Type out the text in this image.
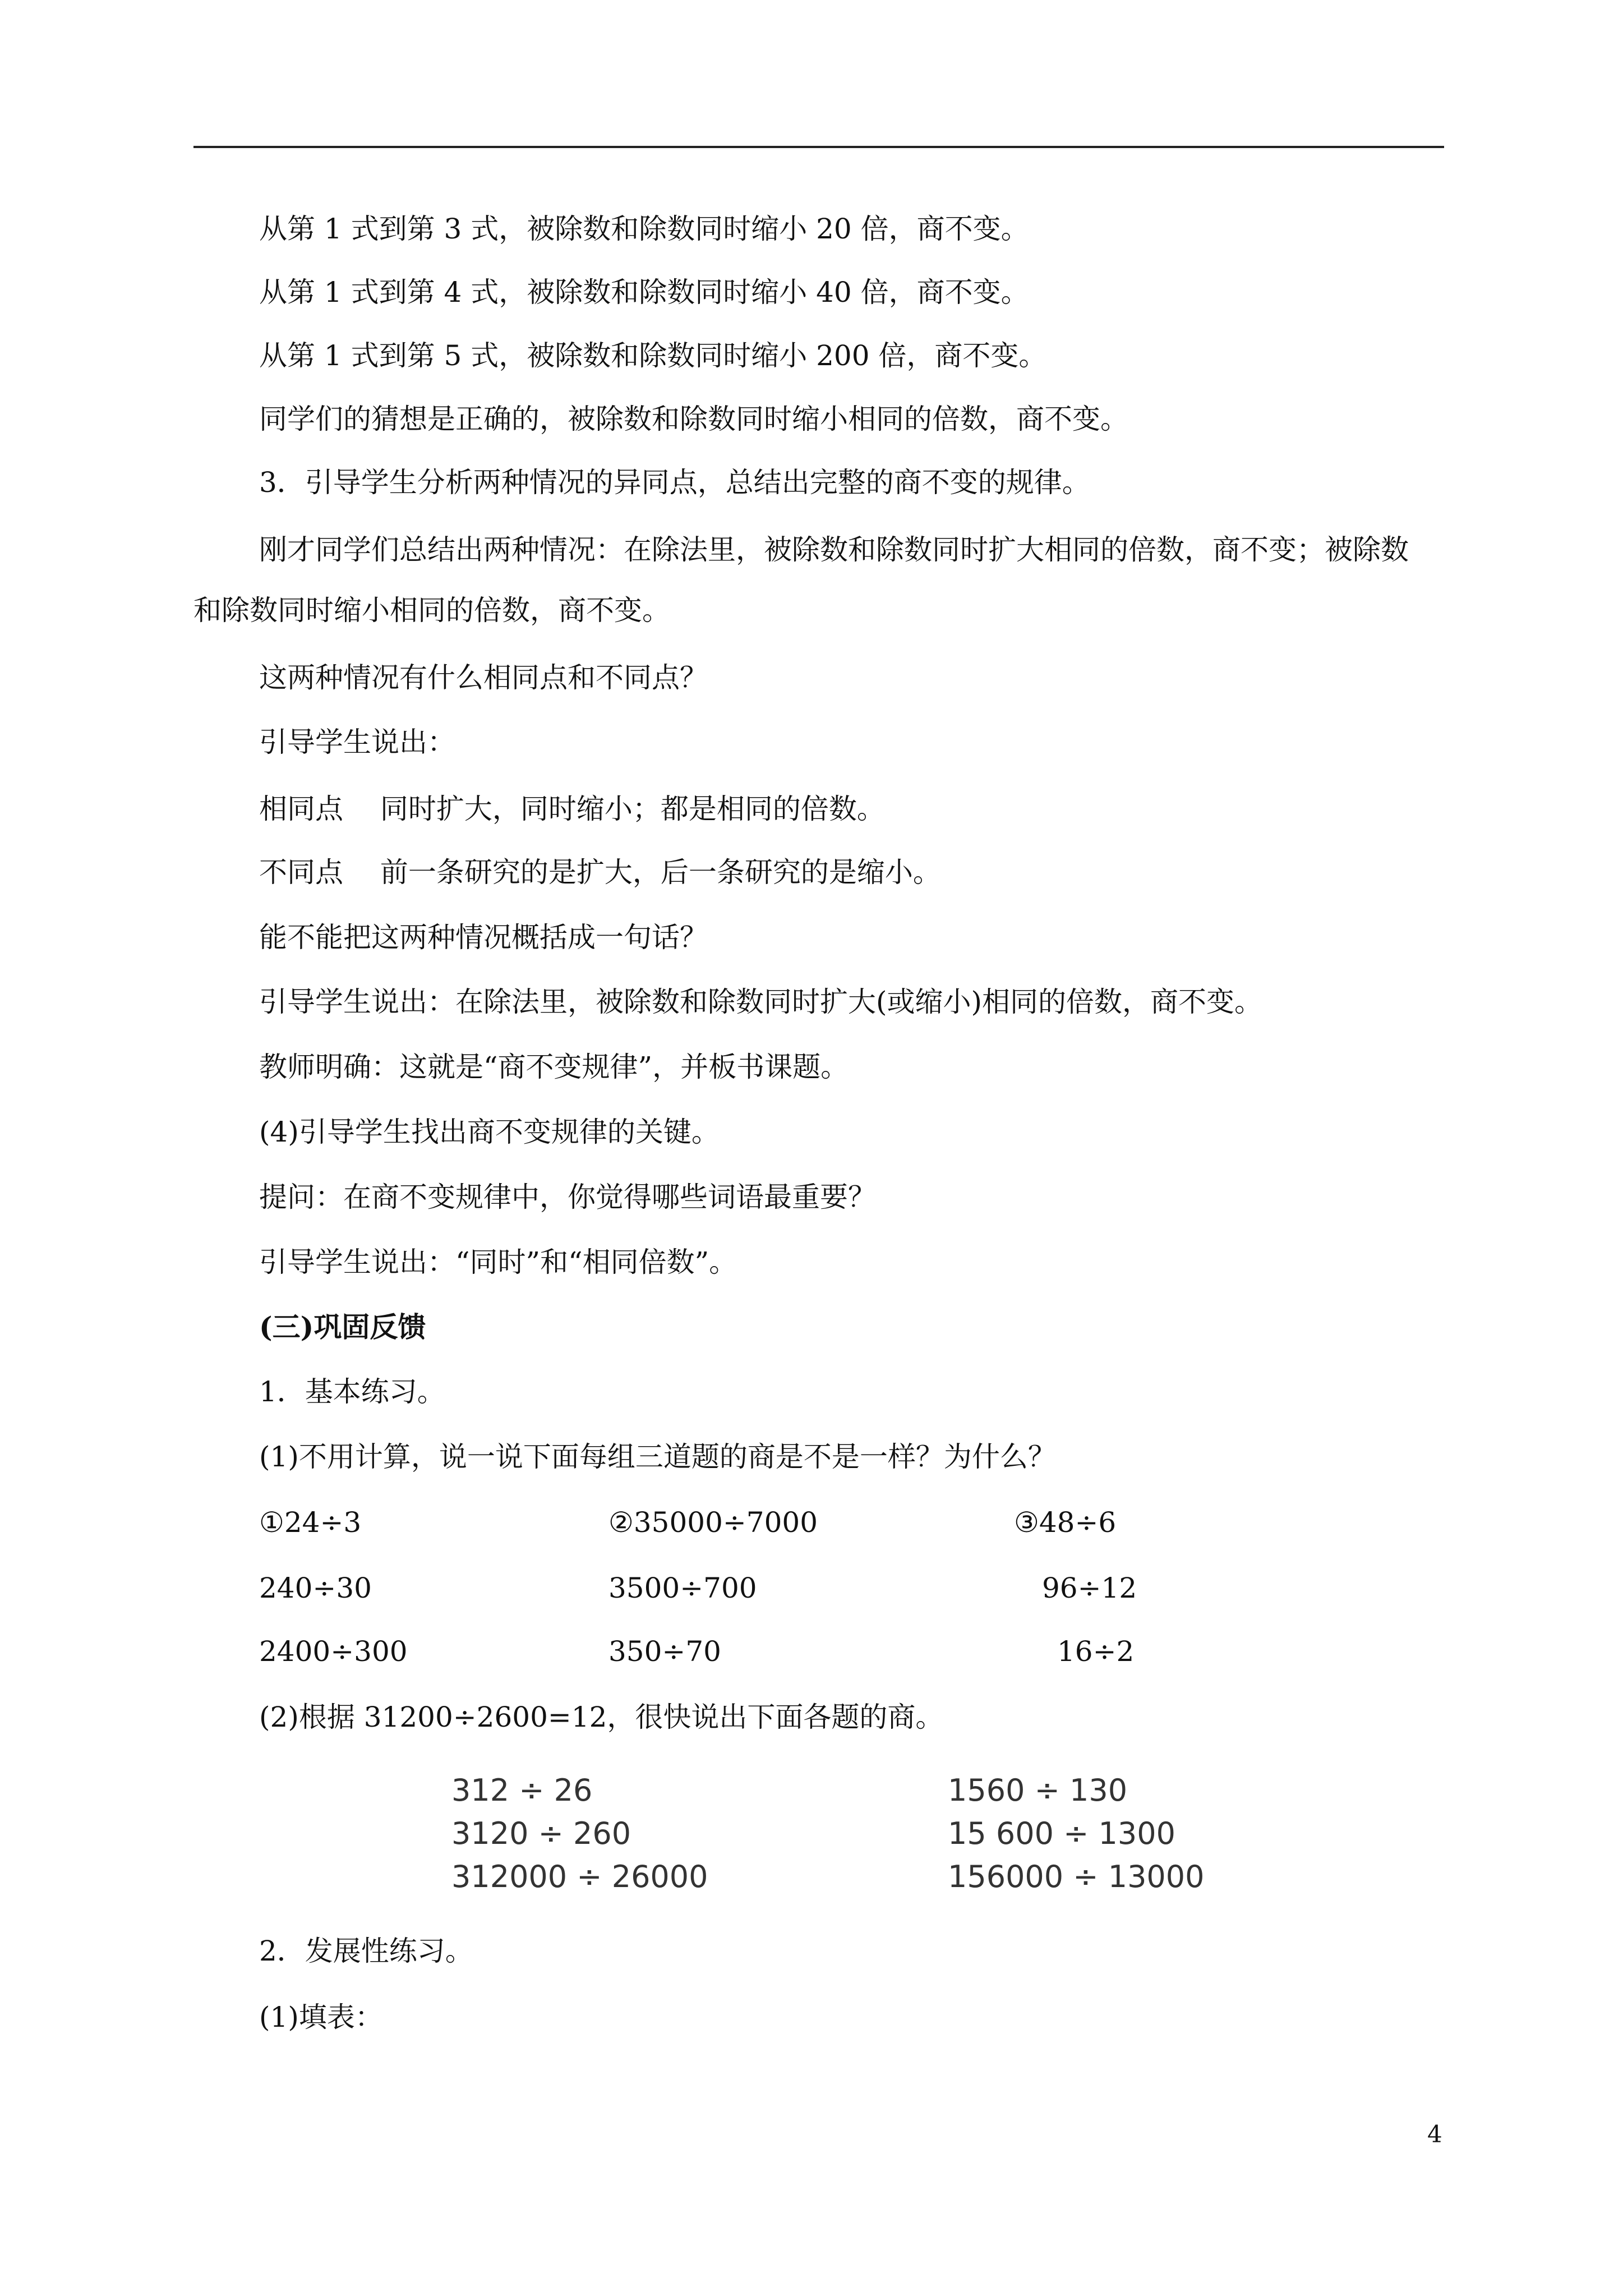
从第 1 式到第 3 式，被除数和除数同时缩小 20 倍，商不变。
从第 1 式到第 4 式，被除数和除数同时缩小 40 倍，商不变。
从第 1 式到第 5 式，被除数和除数同时缩小 200 倍，商不变。
同学们的猜想是正确的，被除数和除数同时缩小相同的倍数，商不变。
3．引导学生分析两种情况的异同点，总结出完整的商不变的规律。
刚才同学们总结出两种情况：在除法里，被除数和除数同时扩大相同的倍数，商不变；被除数
和除数同时缩小相同的倍数，商不变。
这两种情况有什么相同点和不同点？
引导学生说出：
相同点　 同时扩大，同时缩小；都是相同的倍数。
不同点　 前一条研究的是扩大，后一条研究的是缩小。
能不能把这两种情况概括成一句话？
引导学生说出：在除法里，被除数和除数同时扩大(或缩小)相同的倍数，商不变。
教师明确：这就是“商不变规律”，并板书课题。
(4)引导学生找出商不变规律的关键。
提问：在商不变规律中，你觉得哪些词语最重要？
引导学生说出：“同时”和“相同倍数”。
(三)巩固反馈
1．基本练习。
(1)不用计算，说一说下面每组三道题的商是不是一样？为什么？
①24÷3
240÷30
2400÷300
②35000÷7000
3500÷700
350÷70
③48÷6
96÷12
16÷2
(2)根据 31200÷2600=12，很快说出下面各题的商。
312 ÷ 26
3120 ÷ 260
312000 ÷ 26000
1560 ÷ 130
15 600 ÷ 1300
156000 ÷ 13000
2．发展性练习。
(1)填表：
4
